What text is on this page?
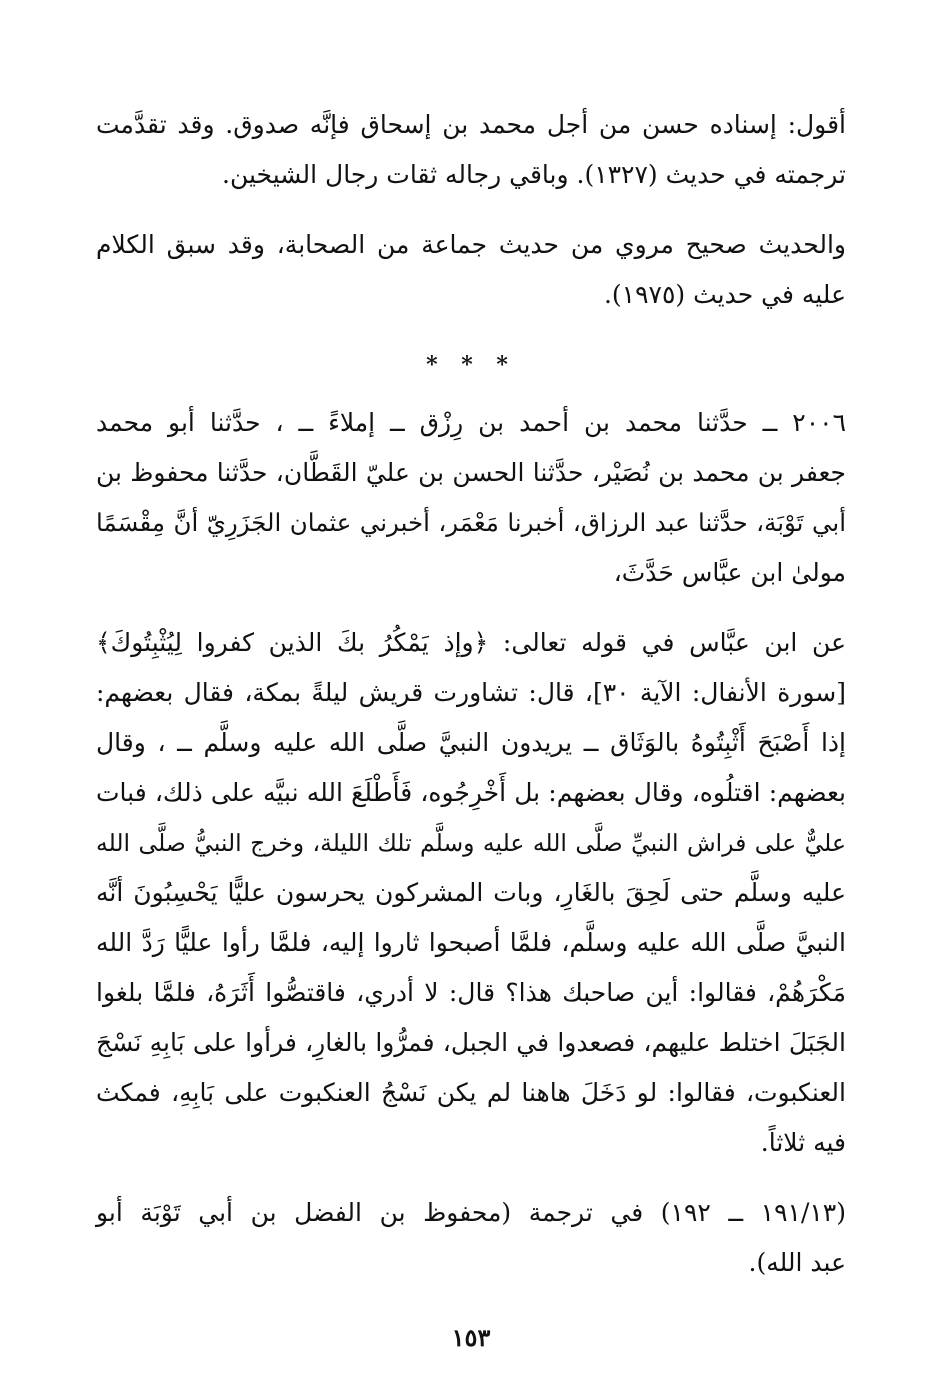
أقول: إسناده حسن من أجل محمد بن إسحاق فإنَّه صدوق. وقد تقدَّمت

ترجمته في حديث (١٣٢٧). وباقي رجاله ثقات رجال الشيخين.

والحديث صحيح مروي من حديث جماعة من الصحابة، وقد سبق الكلام

عليه في حديث (١٩٧٥).

* * *

٢٠٠٦ ــ حدَّثنا محمد بن أحمد بن رِزْق ــ إملاءً ــ ، حدَّثنا أبو محمد

جعفر بن محمد بن نُصَيْر، حدَّثنا الحسن بن عليّ القَطَّان، حدَّثنا محفوظ بن

أبي تَوْبَة، حدَّثنا عبد الرزاق، أخبرنا مَعْمَر، أخبرني عثمان الجَزَرِيّ أنَّ مِقْسَمًا

مولىٰ ابن عبَّاس حَدَّثَ،

عن ابن عبَّاس في قوله تعالى: ﴿وإذ يَمْكُرُ بكَ الذين كفروا لِيُثْبِتُوكَ﴾

[سورة الأنفال: الآية ٣٠]، قال: تشاورت قريش ليلةً بمكة، فقال بعضهم:

إذا أَصْبَحَ أَثْبِتُوهُ بالوَثَاق ــ يريدون النبيَّ صلَّى الله عليه وسلَّم ــ ، وقال

بعضهم: اقتلُوه، وقال بعضهم: بل أَخْرِجُوه، فَأَطْلَعَ الله نبيَّه على ذلك، فبات

عليٌّ على فراش النبيِّ صلَّى الله عليه وسلَّم تلك الليلة، وخرج النبيُّ صلَّى الله

عليه وسلَّم حتى لَحِقَ بالغَارِ، وبات المشركون يحرسون عليًّا يَحْسِبُونَ أنَّه

النبيَّ صلَّى الله عليه وسلَّم، فلمَّا أصبحوا ثاروا إليه، فلمَّا رأوا عليًّا رَدَّ الله

مَكْرَهُمْ، فقالوا: أين صاحبك هذا؟ قال: لا أدري، فاقتصُّوا أَثَرَهُ، فلمَّا بلغوا

الجَبَلَ اختلط عليهم، فصعدوا في الجبل، فمرُّوا بالغارِ، فرأوا على بَابِهِ نَسْجَ

العنكبوت، فقالوا: لو دَخَلَ هاهنا لم يكن نَسْجُ العنكبوت على بَابِهِ، فمكث

فيه ثلاثاً.

(١٩١/١٣ ــ ١٩٢) في ترجمة (محفوظ بن الفضل بن أبي تَوْبَة أبو

عبد الله).

١٥٣
